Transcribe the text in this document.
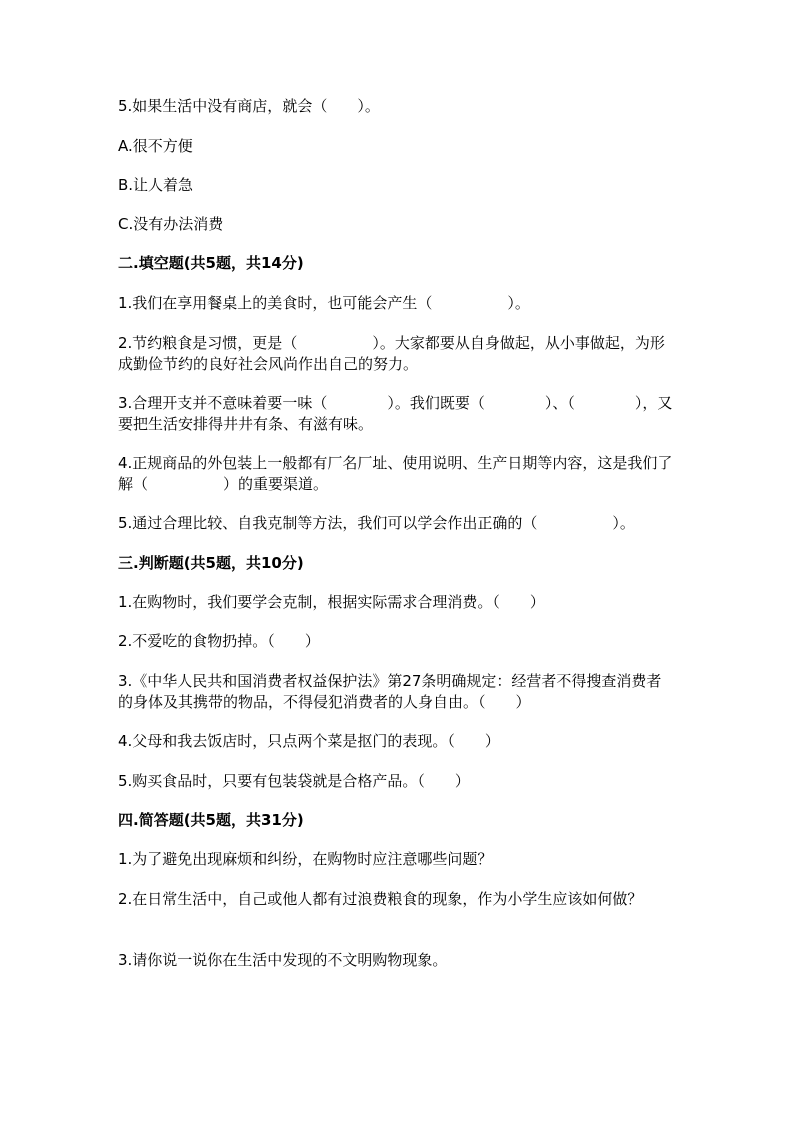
5.如果生活中没有商店，就会（　　）。
A.很不方便
B.让人着急
C.没有办法消费
二.填空题(共5题，共14分)
1.我们在享用餐桌上的美食时，也可能会产生（　　　　　）。
2.节约粮食是习惯，更是（　　　　　）。大家都要从自身做起，从小事做起，为形成勤俭节约的良好社会风尚作出自己的努力。
3.合理开支并不意味着要一味（　　　　）。我们既要（　　　　）、（　　　　），又要把生活安排得井井有条、有滋有味。
4.正规商品的外包装上一般都有厂名厂址、使用说明、生产日期等内容，这是我们了解（　　　　　）的重要渠道。
5.通过合理比较、自我克制等方法，我们可以学会作出正确的（　　　　　）。
三.判断题(共5题，共10分)
1.在购物时，我们要学会克制，根据实际需求合理消费。（　　）
2.不爱吃的食物扔掉。（　　）
3.《中华人民共和国消费者权益保护法》第27条明确规定：经营者不得搜查消费者的身体及其携带的物品，不得侵犯消费者的人身自由。（　　）
4.父母和我去饭店时，只点两个菜是抠门的表现。（　　）
5.购买食品时，只要有包装袋就是合格产品。（　　）
四.简答题(共5题，共31分)
1.为了避免出现麻烦和纠纷，在购物时应注意哪些问题？
2.在日常生活中，自己或他人都有过浪费粮食的现象，作为小学生应该如何做？
3.请你说一说你在生活中发现的不文明购物现象。
